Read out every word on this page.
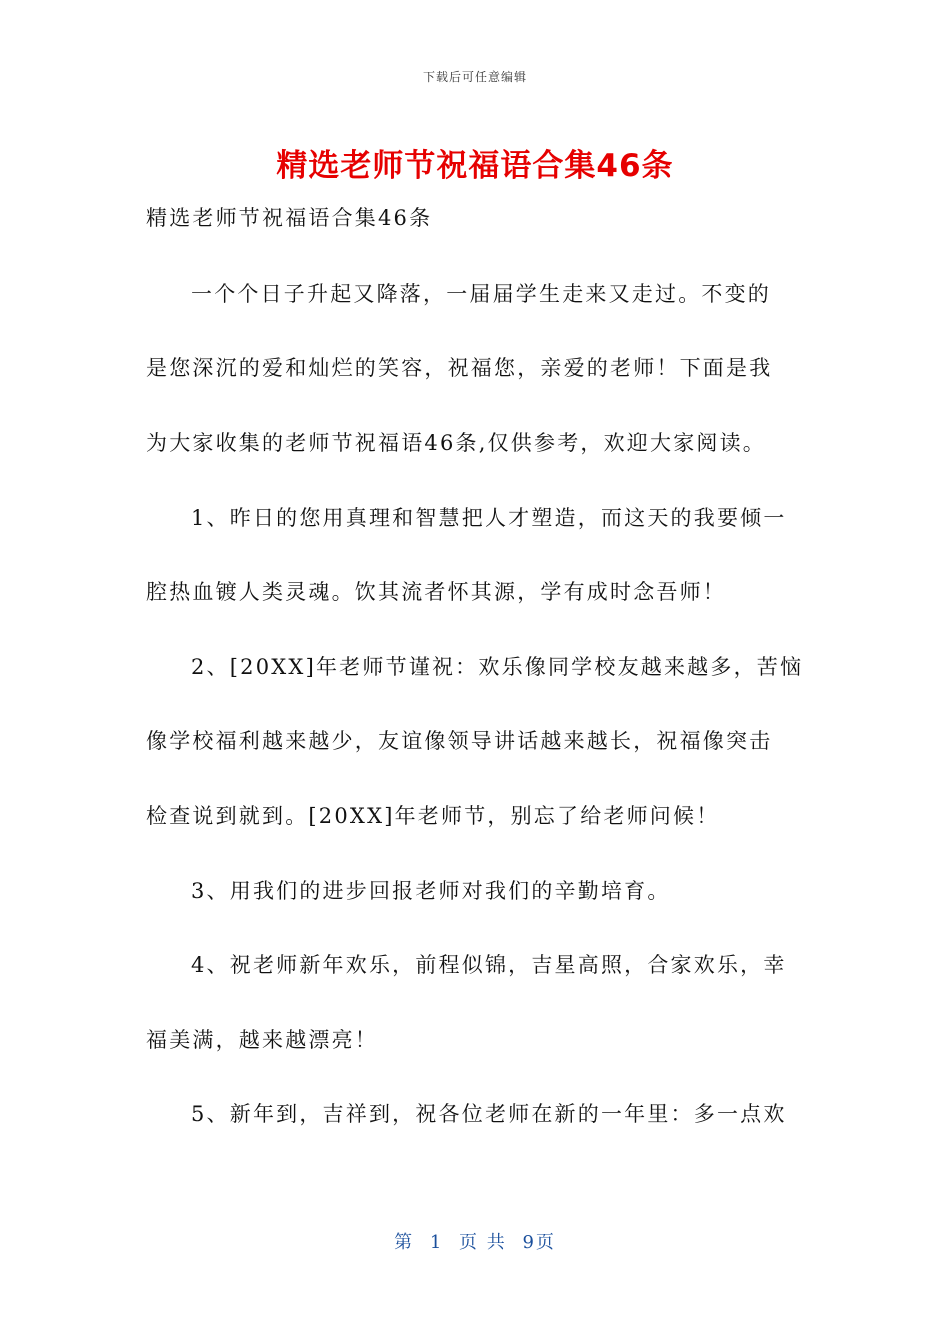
下载后可任意编辑
精选老师节祝福语合集46条
精选老师节祝福语合集46条
一个个日子升起又降落，一届届学生走来又走过。不变的
是您深沉的爱和灿烂的笑容，祝福您，亲爱的老师！下面是我
为大家收集的老师节祝福语46条,仅供参考，欢迎大家阅读。
1、昨日的您用真理和智慧把人才塑造，而这天的我要倾一
腔热血镀人类灵魂。饮其流者怀其源，学有成时念吾师！
2、[20XX]年老师节谨祝：欢乐像同学校友越来越多，苦恼
像学校福利越来越少，友谊像领导讲话越来越长，祝福像突击
检查说到就到。[20XX]年老师节，别忘了给老师问候！
3、用我们的进步回报老师对我们的辛勤培育。
4、祝老师新年欢乐，前程似锦，吉星高照，合家欢乐，幸
福美满，越来越漂亮！
5、新年到，吉祥到，祝各位老师在新的一年里：多一点欢
第 1 页 共 9页
